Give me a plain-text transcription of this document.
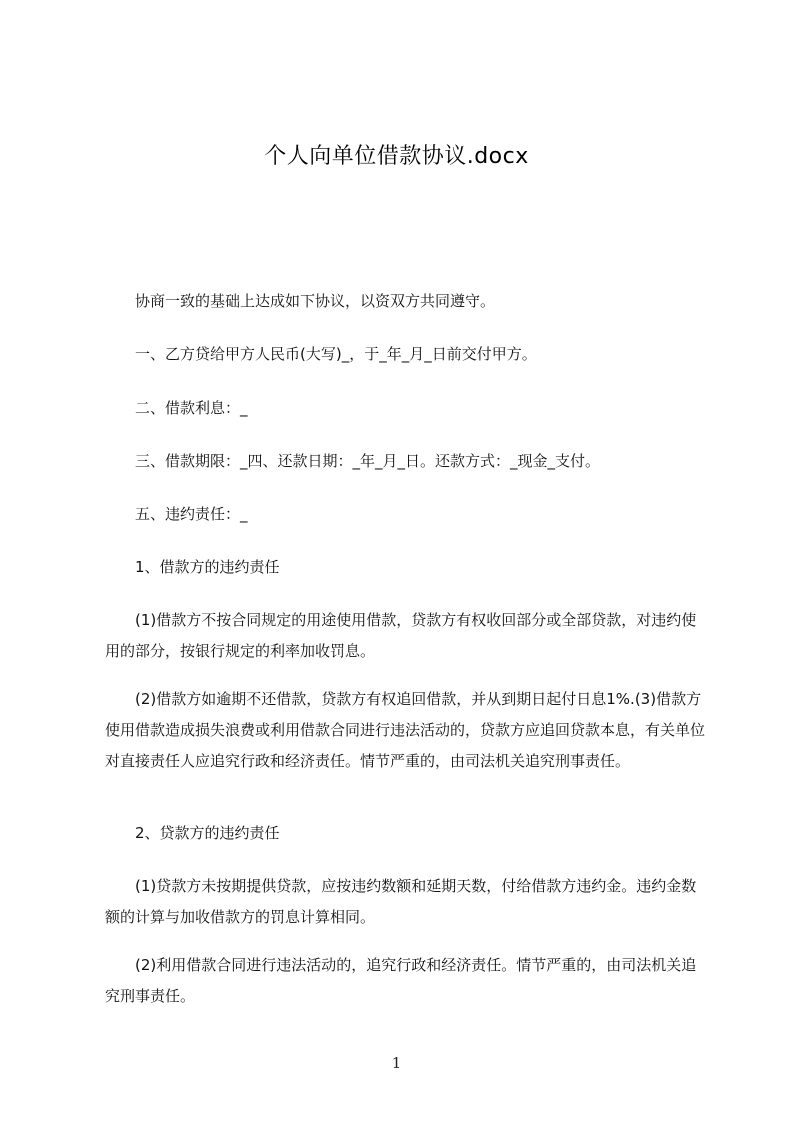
个人向单位借款协议.docx
协商一致的基础上达成如下协议，以资双方共同遵守。
一、乙方贷给甲方人民币(大写)_，于_年_月_日前交付甲方。
二、借款利息：_
三、借款期限：_四、还款日期：_年_月_日。还款方式：_现金_支付。
五、违约责任：_
1、借款方的违约责任
(1)借款方不按合同规定的用途使用借款，贷款方有权收回部分或全部贷款，对违约使用的部分，按银行规定的利率加收罚息。
(2)借款方如逾期不还借款，贷款方有权追回借款，并从到期日起付日息1%.(3)借款方使用借款造成损失浪费或利用借款合同进行违法活动的，贷款方应追回贷款本息，有关单位对直接责任人应追究行政和经济责任。情节严重的，由司法机关追究刑事责任。
2、贷款方的违约责任
(1)贷款方未按期提供贷款，应按违约数额和延期天数，付给借款方违约金。违约金数额的计算与加收借款方的罚息计算相同。
(2)利用借款合同进行违法活动的，追究行政和经济责任。情节严重的，由司法机关追究刑事责任。
1
